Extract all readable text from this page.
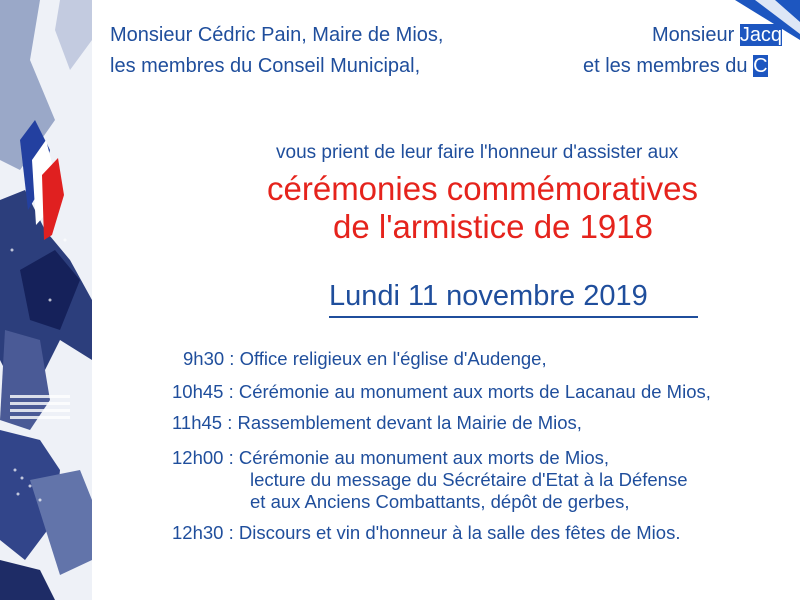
Monsieur Cédric Pain, Maire de Mios,
les membres du Conseil Municipal,
Monsieur Jacq
et les membres du C
vous prient de leur faire l'honneur d'assister aux
cérémonies commémoratives
de l'armistice de 1918
Lundi 11 novembre 2019
9h30 : Office religieux en l'église d'Audenge,
10h45 : Cérémonie au monument aux morts de Lacanau de Mios,
11h45 : Rassemblement devant la Mairie de Mios,
12h00 : Cérémonie au monument aux morts de Mios,
lecture du message du Sécrétaire d'Etat à la Défense
et aux Anciens Combattants, dépôt de gerbes,
12h30 : Discours et vin d'honneur à la salle des fêtes de Mios.
